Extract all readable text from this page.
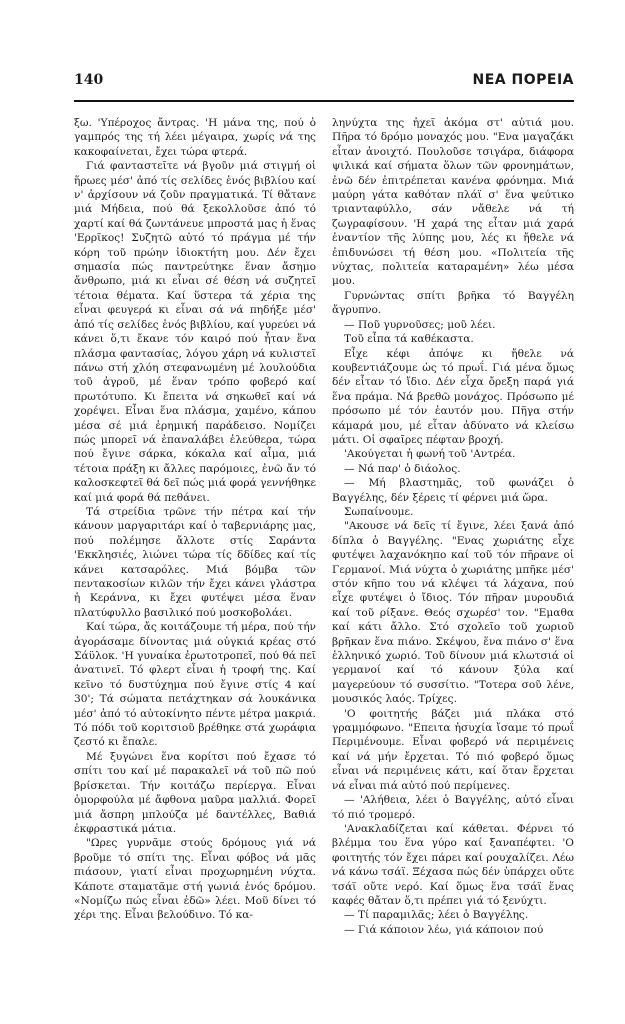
140	ΝΕΑ ΠΟΡΕΙΑ

ξω. 'Υπέροχος ἄντρας. 'Η μάνα της, πού ὁ γαμπρός της τή λέει μέγαιρα, χωρίς νά της κακοφαίνεται, ἔχει τώρα φτερά.

Γιά φανταστεῖτε νά βγοῦν μιά στιγμή οἱ ἥρωες μέσ' ἀπό τίς σελίδες ἑνός βιβλίου καί ν' ἀρχίσουν νά ζοῦν πραγματικά. Τί θἄτανε μιά Μήδεια, πού θά ξεκολλοῦσε ἀπό τό χαρτί καί θά ζωντάνευε μπροστά μας ἡ ἕνας 'Ερρῖκος! Συζητῶ αὐτό τό πράγμα μέ τήν κόρη τοῦ πρώην ἰδιοκτήτη μου. Δέν ἔχει σημασία πώς παντρεύτηκε ἕναν ἄσημο ἄνθρωπο, μιά κι εἶναι σέ θέση νά συζητεῖ τέτοια θέματα. Καί ὕστερα τά χέρια της εἶναι φευγερά κι εἶναι σά νά πηδήξε μέσ' ἀπό τίς σελίδες ἑνός βιβλίου, καί γυρεύει νά κάνει ὅ,τι ἔκανε τόν καιρό πού ἦταν ἕνα πλάσμα φαντασίας, λόγου χάρη νά κυλιστεῖ πάνω στή χλόη στεφανωμένη μέ λουλούδια τοῦ ἀγροῦ, μέ ἕναν τρόπο φοβερό καί πρωτότυπο. Κι ἔπειτα νά σηκωθεῖ καί νά χορέψει. Εἶναι ἕνα πλάσμα, χαμένο, κάπου μέσα σέ μιά ἐρημική παράδεισο. Νομίζει πώς μπορεῖ νά ἐπαναλάβει ἐλεύθερα, τώρα πού ἔγινε σάρκα, κόκαλα καί αἷμα, μιά τέτοια πράξη κι ἄλλες παρόμοιες, ἐνῶ ἄν τό καλοσκεφτεῖ θά δεῖ πώς μιά φορά γεννήθηκε καί μιά φορά θά πεθάνει.

Τά στρείδια τρῶνε τήν πέτρα καί τήν κάνουν μαργαριτάρι καί ὁ ταβερνιάρης μας, πού πολέμησε ἄλλοτε στίς Σαράντα 'Εκκλησιές, λιώνει τώρα τίς δδίδες καί τίς κάνει κατσαρόλες. Μιά βόμβα τῶν πεντακοσίων κιλῶν τήν ἔχει κάνει γλάστρα ἡ Κεράννα, κι ἔχει φυτέψει μέσα ἕναν πλατύφυλλο βασιλικό πού μοσκοβολάει.

Καί τώρα, ἄς κοιτάζουμε τή μέρα, πού τήν ἀγοράσαμε δίνοντας μιά οὐγκιά κρέας στό Σάϋλοκ. 'Η γυναίκα ἐρωτοτροπεῖ, πού θά πεῖ ἀνατινεῖ. Τό φλερτ εἶναι ἡ τροφή της. Καί κεῖνο τό δυστύχημα πού ἔγινε στίς 4 καί 30'; Τά σώματα πετάχτηκαν σά λουκάνικα μέσ' ἀπό τό αὐτοκίνητο πέντε μέτρα μακριά. Τό πόδι τοῦ κοριτσιοῦ βρέθηκε στά χωράφια ζεστό κι ἔπαλε.

Μέ ξυγώνει ἕνα κορίτσι πού ἔχασε τό σπίτι του καί μέ παρακαλεῖ νά τοῦ πῶ πού βρίσκεται. Τήν κοιτάζω περίεργα. Εἶναι ὁμορφούλα μέ ἄφθονα μαῦρα μαλλιά. Φορεῖ μιά ἄσπρη μπλούζα μέ δαντέλλες, Βαθιά ἐκφραστικά μάτια.

"Ωρες γυρνᾶμε στούς δρόμους γιά νά βροῦμε τό σπίτι της. Εἶναι φόβος νά μᾶς πιάσουν, γιατί εἶναι προχωρημένη νύχτα. Κάποτε σταματᾶμε στή γωνιά ἑνός δρόμου. «Νομίζω πώς εἶναι ἐδῶ» λέει. Μοῦ δίνει τό χέρι της. Εἶναι βελούδινο. Τό κα-

ληνύχτα της ἠχεῖ ἀκόμα στ' αὐτιά μου. Πῆρα τό δρόμο μοναχός μου. "Ενα μαγαζάκι εἶταν ἀνοιχτό. Πουλοῦσε τσιγάρα, διάφορα ψιλικά καί σήματα ὅλων τῶν φρονημάτων, ἐνῶ δέν ἐπιτρέπεται κανένα φρόνημα. Μιά μαύρη γάτα καθόταν πλάϊ σ' ἕνα ψεύτικο τριανταφύλλο, σάν νἄθελε νά τή ζωγραφίσουν. 'Η χαρά της εἶταν μιά χαρά ἐναντίον τῆς λύπης μου, λές κι ἤθελε νά ἐπιδυνώσει τή θέση μου. «Πολιτεία τῆς νύχτας, πολιτεία καταραμένη» λέω μέσα μου.

Γυρνώντας σπίτι βρῆκα τό Βαγγέλη ἄγρυπνο.

— Ποῦ γυρνοῦσες; μοῦ λέει.

Τοῦ εἶπα τά καθέκαστα.

Εἶχε κέφι ἀπόψε κι ἤθελε νά κουβεντιάζουμε ὡς τό πρωΐ. Γιά μένα ὅμως δέν εἶταν τό ἴδιο. Δέν εἶχα ὄρεξη παρά γιά ἕνα πράμα. Νά βρεθῶ μονάχος. Πρόσωπο μέ πρόσωπο μέ τόν ἑαυτόν μου. Πῆγα στήν κάμαρά μου, μέ εἶταν ἀδύνατο νά κλείσω μάτι. Οἱ σφαῖρες πέφταν βροχή.

'Ακούγεται ἡ φωνή τοῦ 'Αντρέα.

— Νά παρ' ὁ διάολος.

— Μή βλαστημᾶς, τοῦ φωνάζει ὁ Βαγγέλης, δέν ξέρεις τί φέρνει μιά ὥρα.

Σωπαίνουμε.

"Ακουσε νά δεῖς τί ἔγινε, λέει ξανά ἀπό δίπλα ὁ Βαγγέλης. "Ενας χωριάτης εἶχε φυτέψει λαχανόκηπο καί τοῦ τόν πῆρανε οἱ Γερμανοί. Μιά νύχτα ὁ χωριάτης μπῆκε μέσ' στόν κῆπο του νά κλέψει τά λάχανα, πού εἶχε φυτέψει ὁ ἴδιος. Τόν πῆραν μυρουδιά καί τοῦ ρίξανε. Θεός σχωρέσ' τον. "Εμαθα καί κάτι ἄλλο. Στό σχολεῖο τοῦ χωριοῦ βρῆκαν ἕνα πιάνο. Σκέψου, ἕνα πιάνο σ' ἕνα ἑλληνικό χωριό. Τοῦ δίνουν μιά κλωτσιά οἱ γερμανοί καί τό κάνουν ξύλα καί μαγερεύουν τό συσσίτιο. "Τοτερα σοῦ λένε, μουσικός λαός. Τρίχες.

'Ο φοιτητής βάζει μιά πλάκα στό γραμμόφωνο. "Επειτα ἡσυχία ἴσαμε τό πρωΐ Περιμένουμε. Εἶναι φοβερό νά περιμένεις καί νά μήν ἔρχεται. Τό πιό φοβερό ὅμως εἶναι νά περιμένεις κάτι, καί ὅταν ἔρχεται νά εἶναι πιά αὐτό πού περίμενες.

— 'Αλήθεια, λέει ὁ Βαγγέλης, αὐτό εἶναι τό πιό τρομερό.

'Ανακλαδίζεται καί κάθεται. Φέρνει τό βλέμμα του ἕνα γύρο καί ξαναπέφτει. 'Ο φοιτητής τόν ἔχει πάρει καί ρουχαλίζει. Λέω νά κάνω τσάϊ. Ξέχασα πώς δέν ὑπάρχει οὔτε τσάϊ οὔτε νερό. Καί ὅμως ἕνα τσάϊ ἕνας καφές θἄταν ὅ,τι πρέπει γιά τό ξενύχτι.

— Τί παραμιλᾶς; λέει ὁ Βαγγέλης.

— Γιά κάποιον λέω, γιά κάποιον πού
